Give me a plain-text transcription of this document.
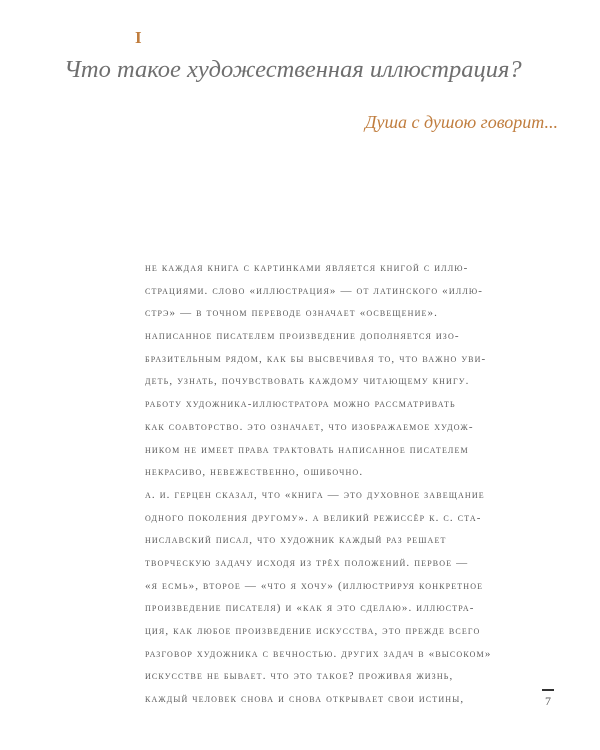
I
Что такое художественная иллюстрация?

Душа с душою говорит...

не каждая книга с картинками является книгой с иллю-
страциями. слово «иллюстрация» — от латинского «иллю-
стрэ» — в точном переводе означает «освещение».
написанное писателем произведение дополняется изо-
бразительным рядом, как бы высвечивая то, что важно уви-
деть, узнать, почувствовать каждому читающему книгу.
работу художника-иллюстратора можно рассматривать
как соавторство. это означает, что изображаемое худож-
ником не имеет права трактовать написанное писателем
некрасиво, невежественно, ошибочно.
а. и. герцен сказал, что «книга — это духовное завещание
одного поколения другому». а великий режиссёр к. с. ста-
ниславский писал, что художник каждый раз решает
творческую задачу исходя из трёх положений. первое —
«я есмь», второе — «что я хочу» (иллюстрируя конкретное
произведение писателя) и «как я это сделаю». иллюстра-
ция, как любое произведение искусства, это прежде всего
разговор художника с вечностью. других задач в «высоком»
искусстве не бывает. что это такое? проживая жизнь,
каждый человек снова и снова открывает свои истины,	7
